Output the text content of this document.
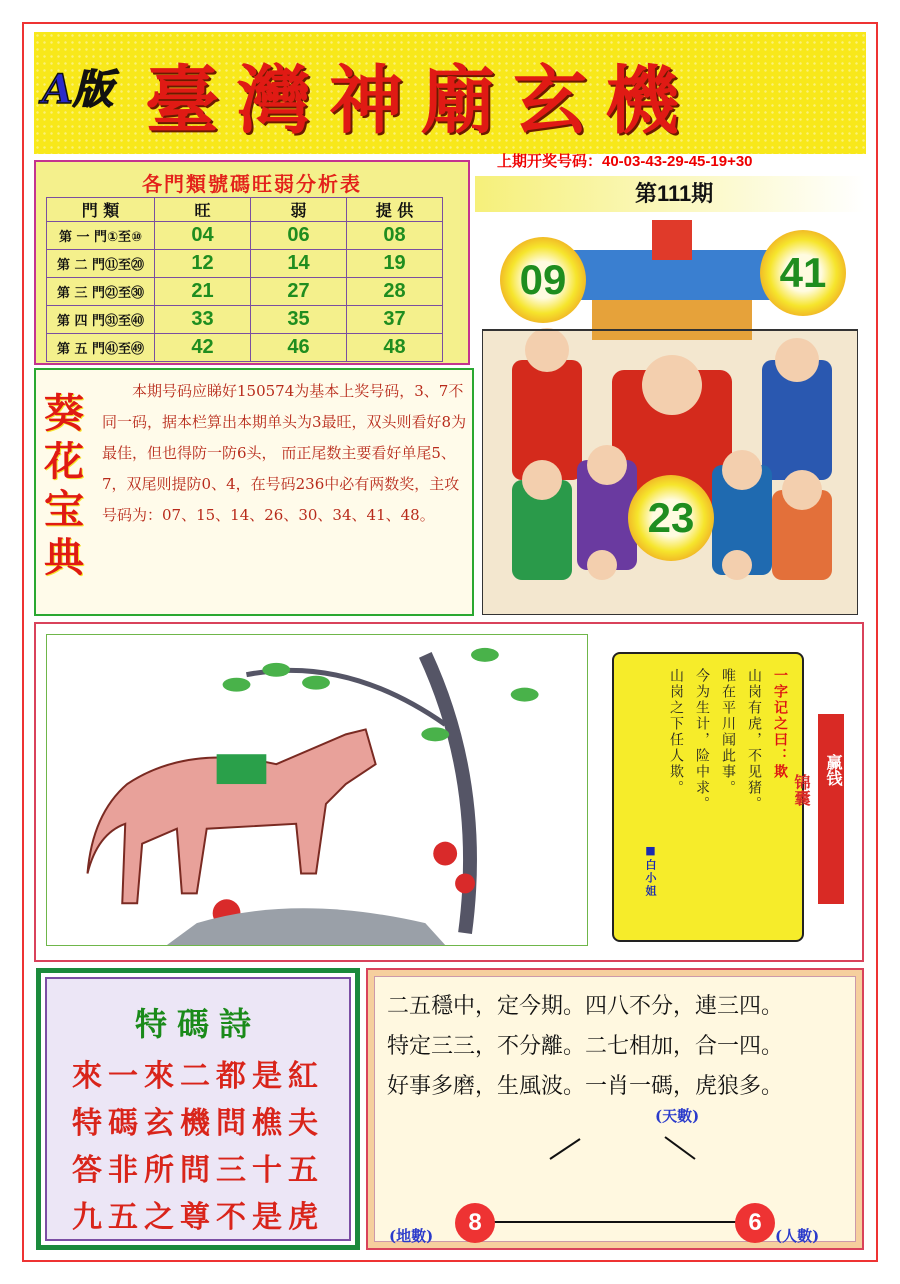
A版 臺灣神廟玄機
上期开奖号码：40-03-43-29-45-19+30
第111期
各門類號碼旺弱分析表
門 類	旺	弱	提 供
第 一 門①至⑩	04	06	08
第 二 門⑪至⑳	12	14	19
第 三 門㉑至㉚	21	27	28
第 四 門㉛至㊵	33	35	37
第 五 門㊶至㊾	42	46	48
葵花宝典
本期号码应睇好150574为基本上奖号码，3、7不同一码，据本栏算出本期单头为3最旺，双头则看好8为最佳，但也得防一防6头， 而正尾数主要看好单尾5、7，双尾则提防0、4，在号码236中必有两数奖，主攻号码为：07、15、14、26、30、34、41、48。
09	41
23
一字记之曰：欺
山岗有虎，不见猪。
唯在平川闻此事。
今为生计，险中求。
山岗之下任人欺。
■白小姐
锦囊
赢钱
特碼詩
來一來二都是紅
特碼玄機問樵夫
答非所問三十五
九五之尊不是虎
二五穩中，定今期。四八不分，連三四。
特定三三，不分離。二七相加，合一四。
好事多磨，生風波。一肖一碼，虎狼多。
(天數)
8	6
(地數)	(人數)
